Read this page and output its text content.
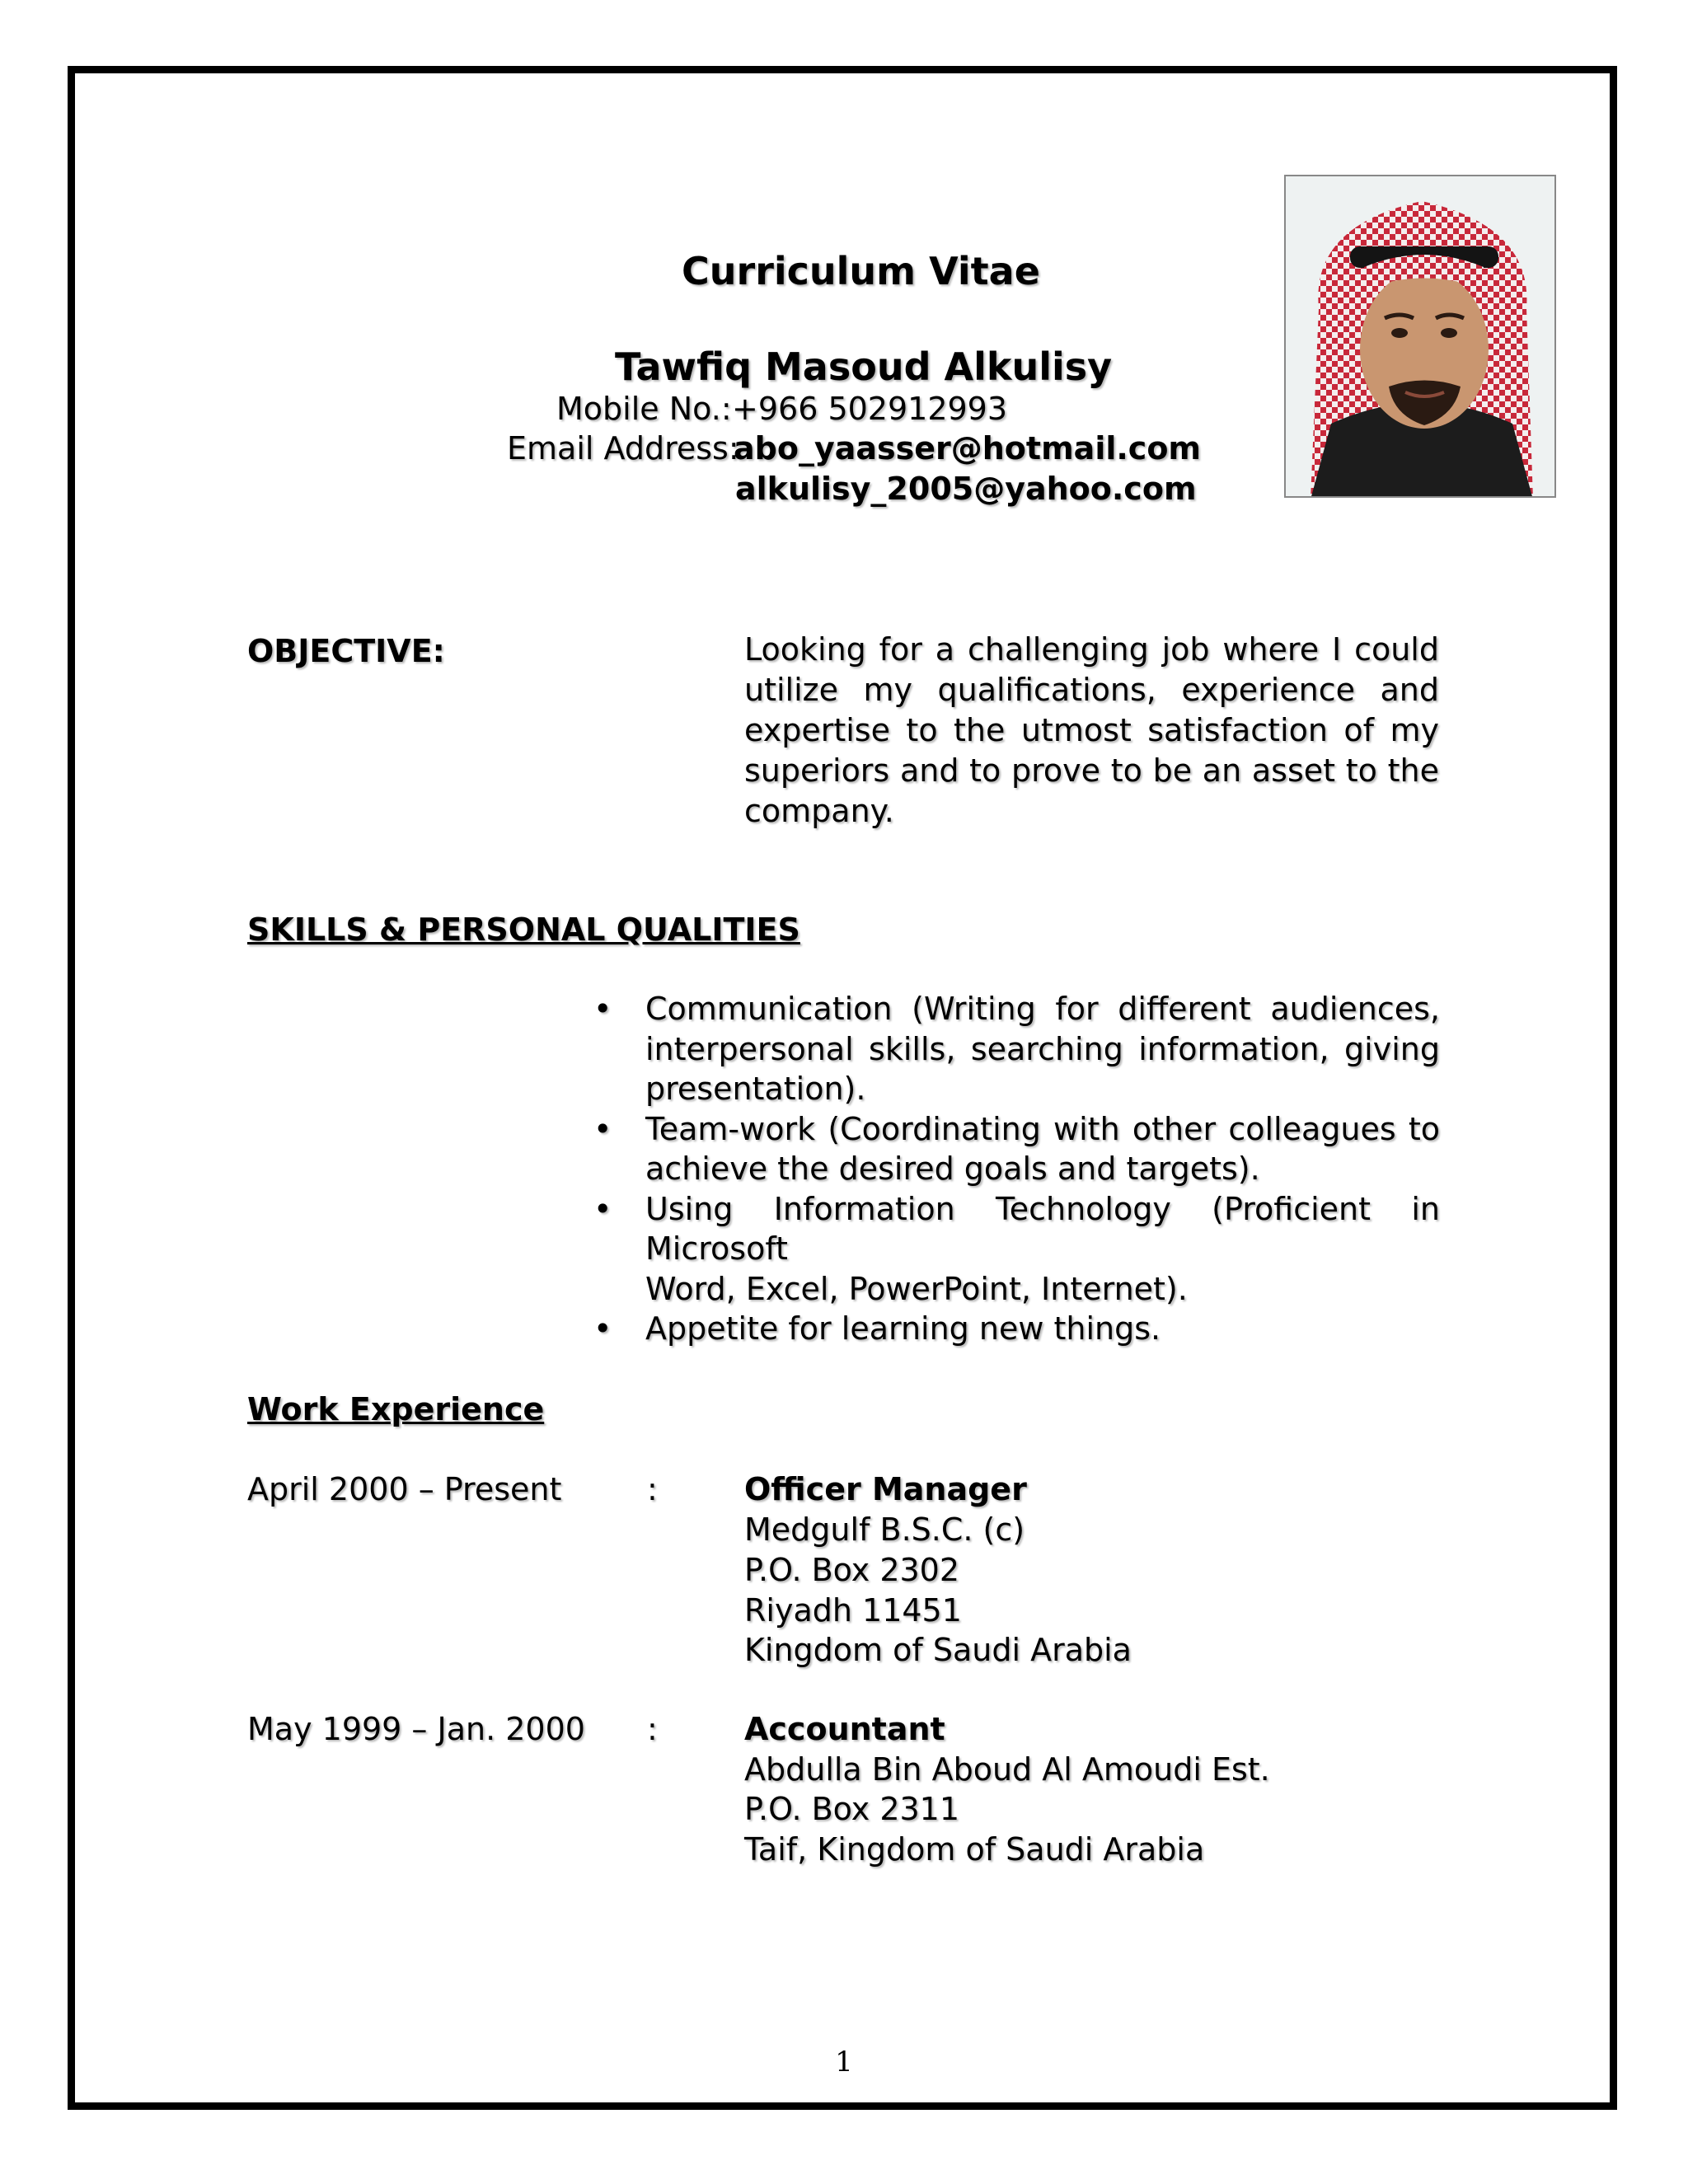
Curriculum Vitae
Tawfiq Masoud Alkulisy
Mobile No.: +966 502912993
Email Address:
abo_yaasser@hotmail.com
alkulisy_2005@yahoo.com
OBJECTIVE:	Looking for a challenging job where I could
utilize my qualifications, experience and
expertise to the utmost satisfaction of my
superiors and to prove to be an asset to the
company.
SKILLS & PERSONAL QUALITIES
• Communication (Writing for different audiences,
interpersonal skills, searching information, giving
presentation).
• Team-work (Coordinating with other colleagues to
achieve the desired goals and targets).
• Using Information Technology (Proficient in Microsoft
Word, Excel, PowerPoint, Internet).
• Appetite for learning new things.
Work Experience
April 2000 – Present	:	Officer Manager
Medgulf B.S.C. (c)
P.O. Box 2302
Riyadh 11451
Kingdom of Saudi Arabia
May 1999 – Jan. 2000 :	Accountant
Abdulla Bin Aboud Al Amoudi Est.
P.O. Box 2311
Taif, Kingdom of Saudi Arabia
1
